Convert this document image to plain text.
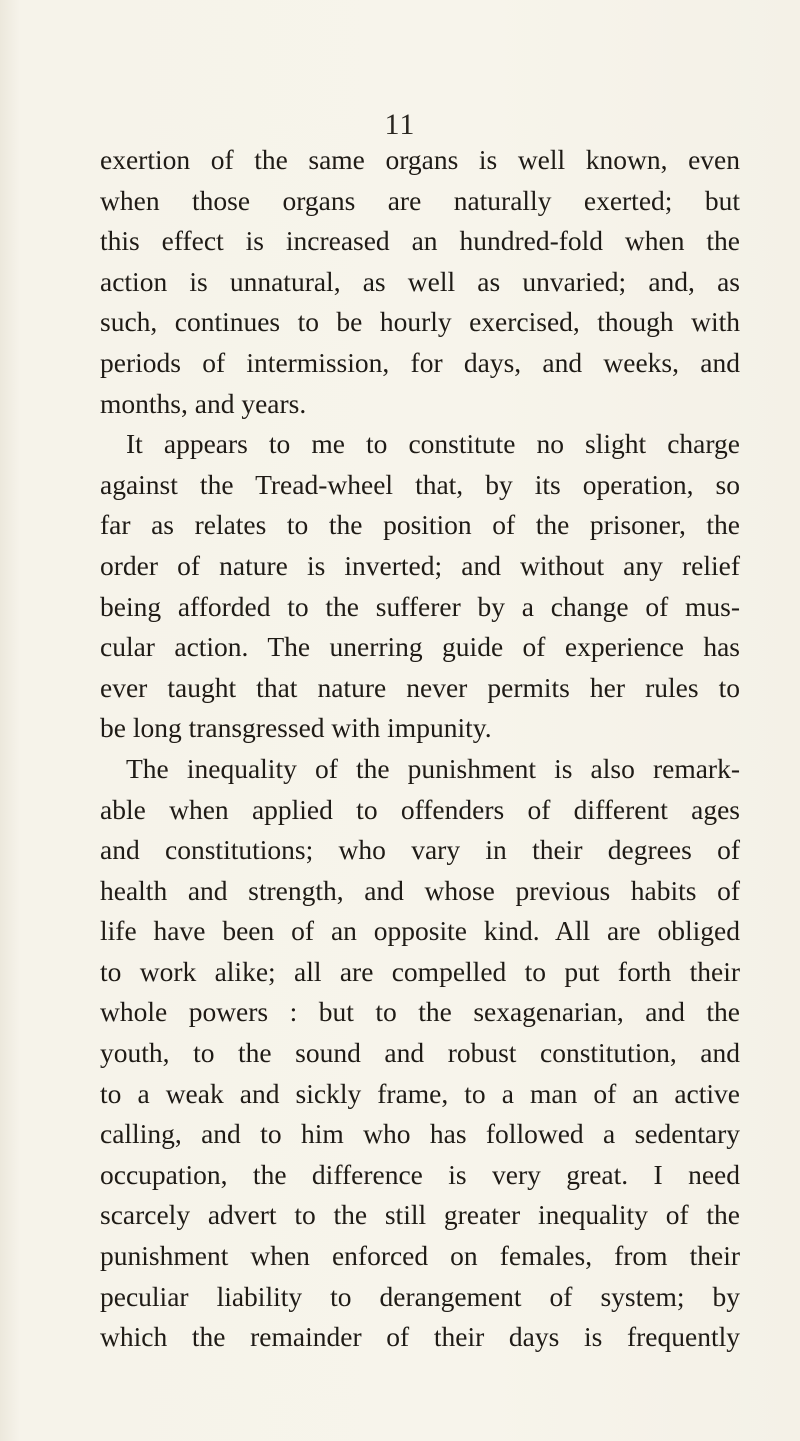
11
exertion of the same organs is well known, even
when those organs are naturally exerted; but
this effect is increased an hundred-fold when the
action is unnatural, as well as unvaried; and, as
such, continues to be hourly exercised, though with
periods of intermission, for days, and weeks, and
months, and years.
It appears to me to constitute no slight charge
against the Tread-wheel that, by its operation, so
far as relates to the position of the prisoner, the
order of nature is inverted; and without any relief
being afforded to the sufferer by a change of mus-
cular action. The unerring guide of experience has
ever taught that nature never permits her rules to
be long transgressed with impunity.
The inequality of the punishment is also remark-
able when applied to offenders of different ages
and constitutions; who vary in their degrees of
health and strength, and whose previous habits of
life have been of an opposite kind. All are obliged
to work alike; all are compelled to put forth their
whole powers : but to the sexagenarian, and the
youth, to the sound and robust constitution, and
to a weak and sickly frame, to a man of an active
calling, and to him who has followed a sedentary
occupation, the difference is very great. I need
scarcely advert to the still greater inequality of the
punishment when enforced on females, from their
peculiar liability to derangement of system; by
which the remainder of their days is frequently
